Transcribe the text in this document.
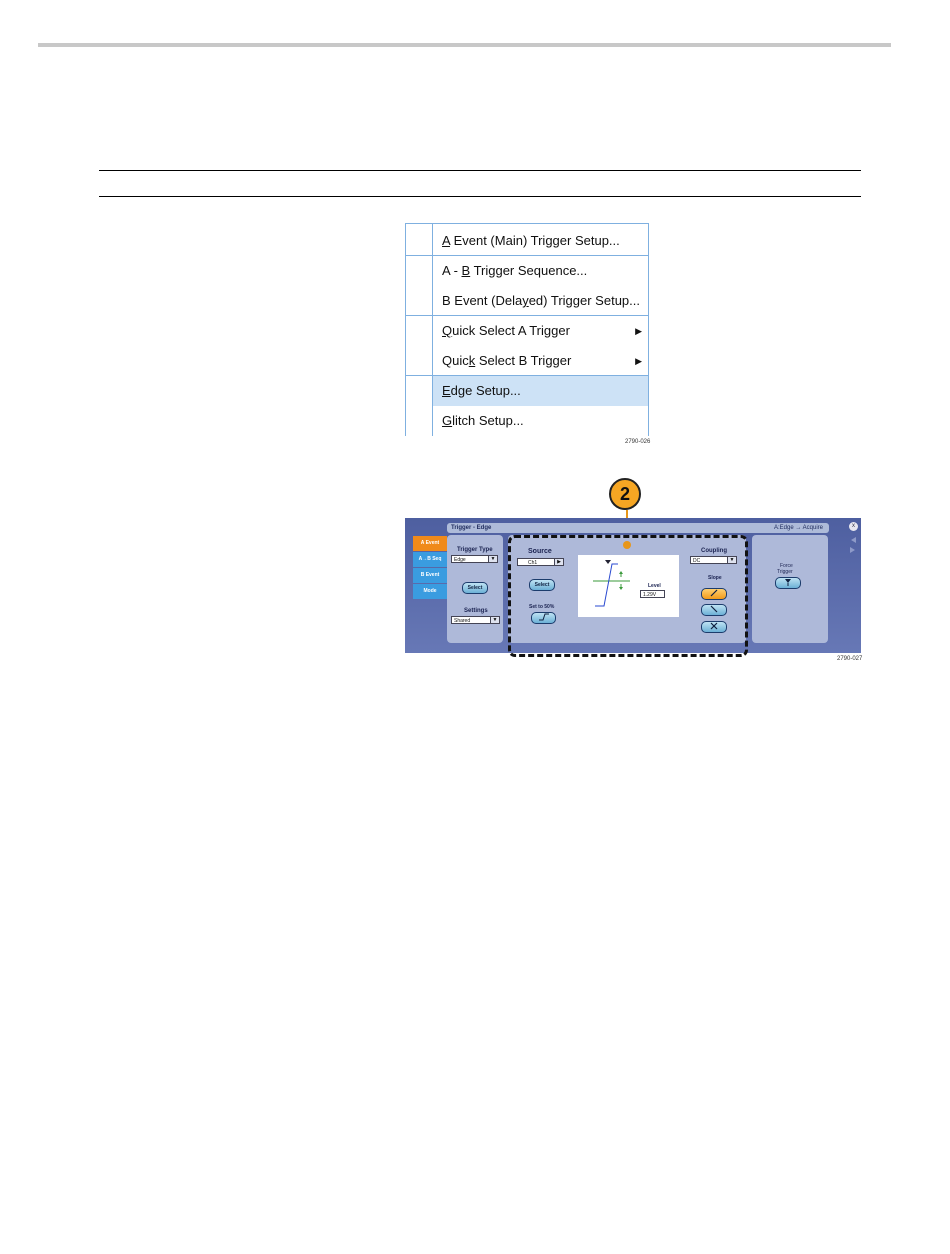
A Event (Main) Trigger Setup...
A - B Trigger Sequence...
B Event (Delayed) Trigger Setup...
Quick Select A Trigger	▶
Quick Select B Trigger	▶
Edge Setup...
Glitch Setup...
2790-026
2
Trigger - Edge	A:Edge → Acquire	x
A Event
A→B Seq
B Event
Mode
Trigger Type
Edge	▼
Select
Settings
Shared	▼
Source
Ch1	▶
Select
Set to 50%
Level
1.29V
Coupling
DC	▼
Slope
Force
Trigger
2790-027
